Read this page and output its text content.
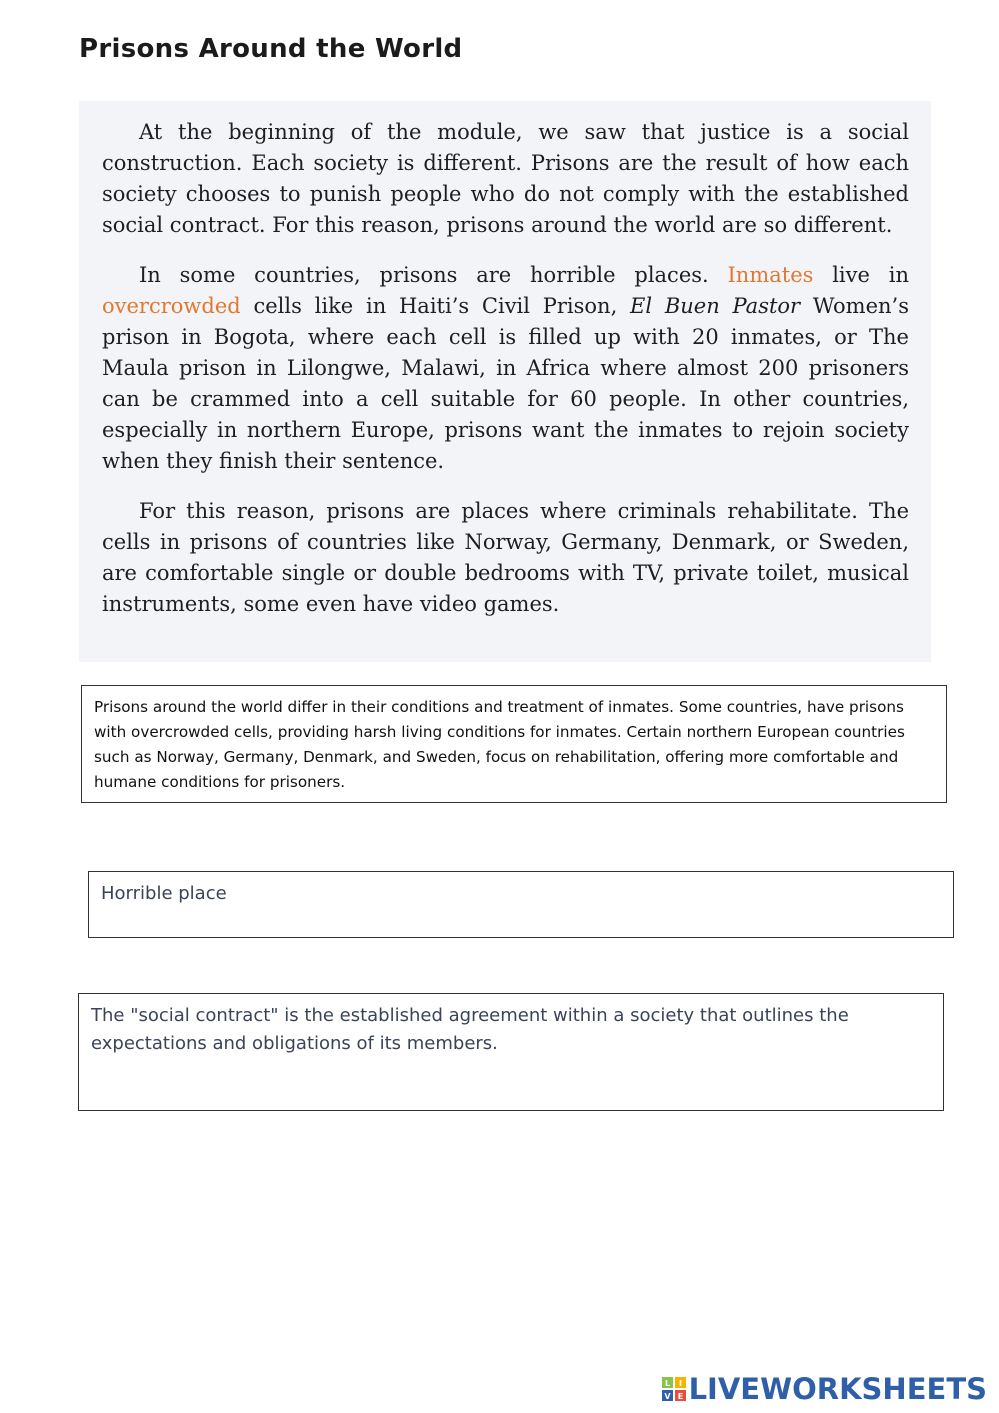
Prisons Around the World

At the beginning of the module, we saw that justice is a social construction. Each society is different. Prisons are the result of how each society chooses to punish people who do not comply with the established social contract. For this reason, prisons around the world are so different.

In some countries, prisons are horrible places. Inmates live in overcrowded cells like in Haiti’s Civil Prison, El Buen Pastor Women’s prison in Bogota, where each cell is filled up with 20 inmates, or The Maula prison in Lilongwe, Malawi, in Africa where almost 200 prisoners can be crammed into a cell suitable for 60 people. In other countries, especially in northern Europe, prisons want the inmates to rejoin society when they finish their sentence.

For this reason, prisons are places where criminals rehabilitate. The cells in prisons of countries like Norway, Germany, Denmark, or Sweden, are comfortable single or double bedrooms with TV, private toilet, musical instruments, some even have video games.

Prisons around the world differ in their conditions and treatment of inmates. Some countries, have prisons with overcrowded cells, providing harsh living conditions for inmates. Certain northern European countries such as Norway, Germany, Denmark, and Sweden, focus on rehabilitation, offering more comfortable and humane conditions for prisoners.
Horrible place
The "social contract" is the established agreement within a society that outlines the expectations and obligations of its members.
L I
V E LIVEWORKSHEETS
